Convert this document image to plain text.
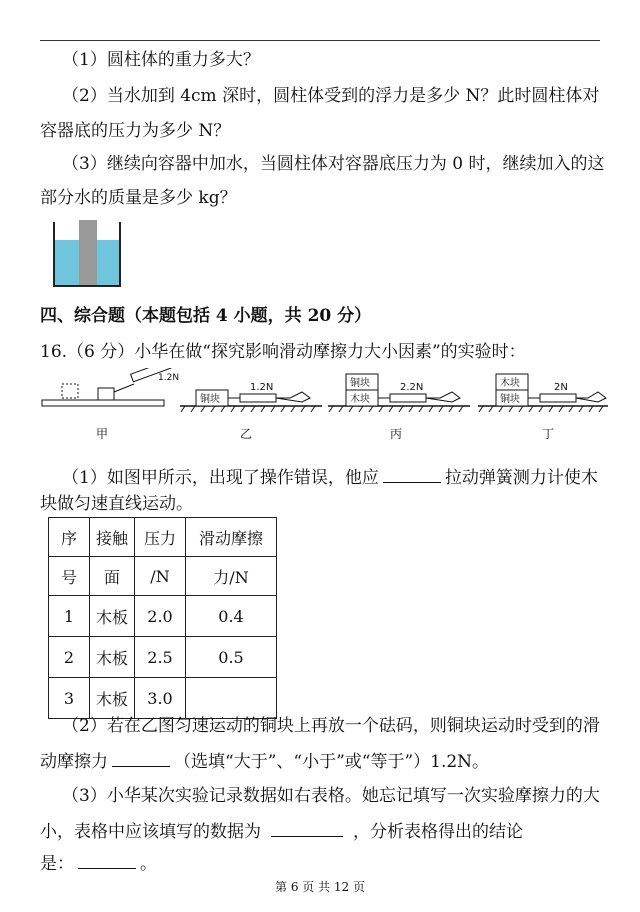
（1）圆柱体的重力多大？
（2）当水加到 4cm 深时，圆柱体受到的浮力是多少 N？此时圆柱体对
容器底的压力为多少 N？
（3）继续向容器中加水，当圆柱体对容器底压力为 0 时，继续加入的这
部分水的质量是多少 kg？
四、综合题（本题包括 4 小题，共 20 分）
16.（6 分）小华在做“探究影响滑动摩擦力大小因素”的实验时：
1.2N
甲
铜块
1.2N
乙
铜块
木块
2.2N
丙
木块
铜块
2N
丁
（1）如图甲所示，出现了操作错误，他应	拉动弹簧测力计使木
块做匀速直线运动。
序	接触	压力	滑动摩擦
号	面	/N	力/N
1	木板	2.0	0.4
2	木板	2.5	0.5
3	木板	3.0	
（2）若在乙图匀速运动的铜块上再放一个砝码，则铜块运动时受到的滑
动摩擦力	（选填“大于”、“小于”或“等于”）1.2N。
（3）小华某次实验记录数据如右表格。她忘记填写一次实验摩擦力的大
小，表格中应该填写的数据为	，分析表格得出的结论
是：	。
第 6 页 共 12 页
